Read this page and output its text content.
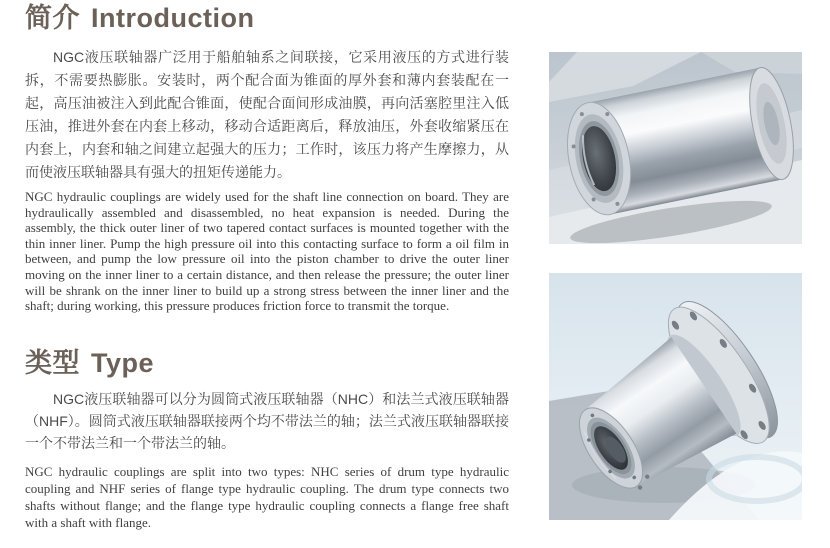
简介 Introduction

NGC液压联轴器广泛用于船舶轴系之间联接，它采用液压的方式进行装拆，不需要热膨胀。安装时，两个配合面为锥面的厚外套和薄内套装配在一起，高压油被注入到此配合锥面，使配合面间形成油膜，再向活塞腔里注入低压油，推进外套在内套上移动，移动合适距离后，释放油压，外套收缩紧压在内套上，内套和轴之间建立起强大的压力；工作时，该压力将产生摩擦力，从而使液压联轴器具有强大的扭矩传递能力。

NGC hydraulic couplings are widely used for the shaft line connection on board. They are hydraulically assembled and disassembled, no heat expansion is needed. During the assembly, the thick outer liner of two tapered contact surfaces is mounted together with the thin inner liner. Pump the high pressure oil into this contacting surface to form a oil film in between, and pump the low pressure oil into the piston chamber to drive the outer liner moving on the inner liner to a certain distance, and then release the pressure; the outer liner will be shrank on the inner liner to build up a strong stress between the inner liner and the shaft; during working, this pressure produces friction force to transmit the torque.

类型 Type

NGC液压联轴器可以分为圆筒式液压联轴器（NHC）和法兰式液压联轴器（NHF）。圆筒式液压联轴器联接两个均不带法兰的轴；法兰式液压联轴器联接一个不带法兰和一个带法兰的轴。

NGC hydraulic couplings are split into two types: NHC series of drum type hydraulic coupling and NHF series of flange type hydraulic coupling. The drum type connects two shafts without flange; and the flange type hydraulic coupling connects a flange free shaft with a shaft with flange.
